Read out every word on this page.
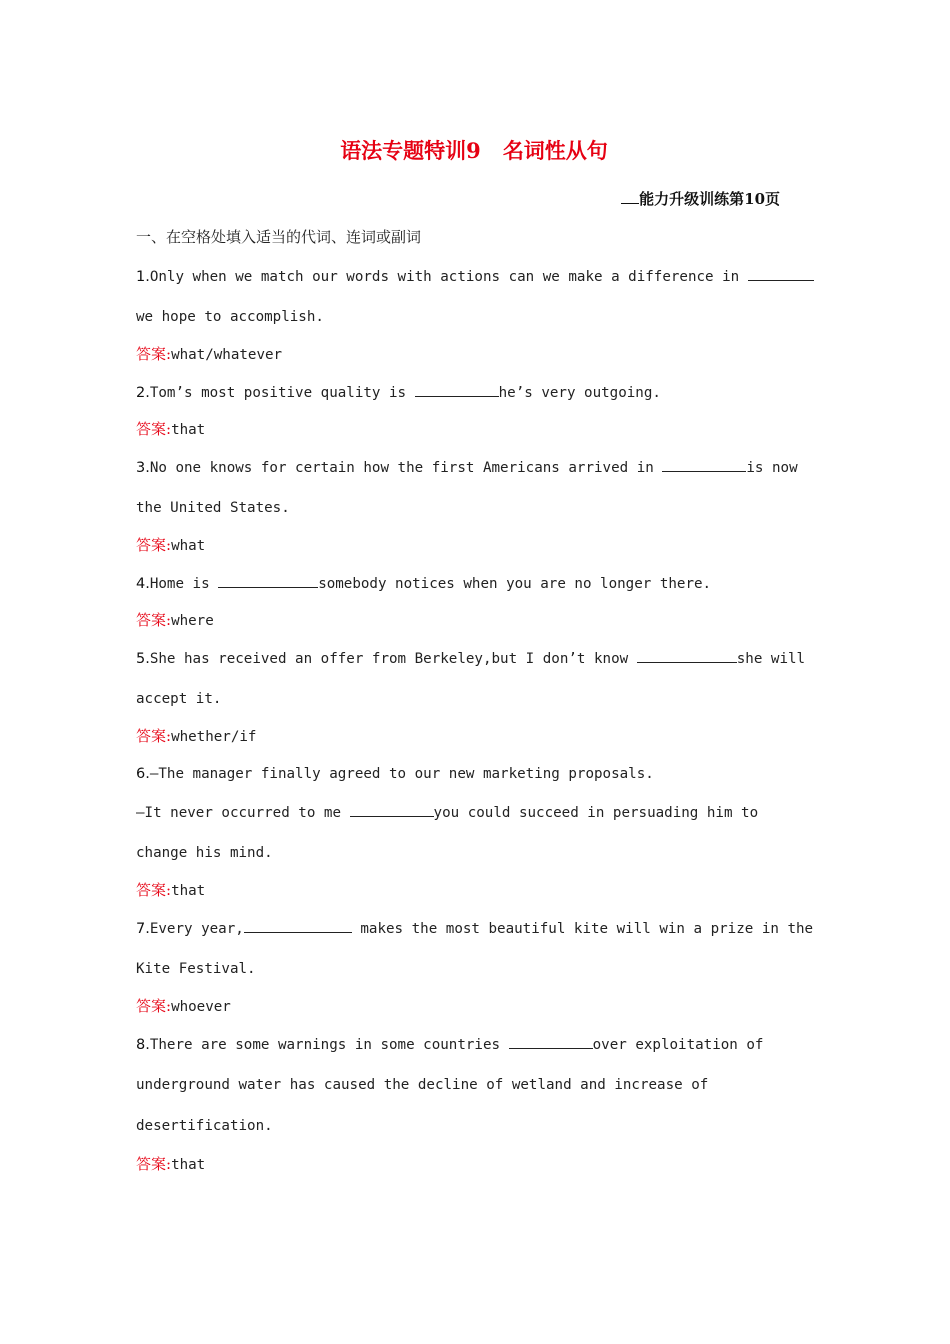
语法专题特训9 名词性从句
能力升级训练第10页
一、在空格处填入适当的代词、连词或副词
1.Only when we match our words with actions can we make a difference in
we hope to accomplish.
答案:what/whatever
2.Tom’s most positive quality is	he’s very outgoing.
答案:that
3.No one knows for certain how the first Americans arrived in	is now
the United States.
答案:what
4.Home is	somebody notices when you are no longer there.
答案:where
5.She has received an offer from Berkeley,but I don’t know	she will
accept it.
答案:whether/if
6.—The manager finally agreed to our new marketing proposals.
—It never occurred to me	you could succeed in persuading him to
change his mind.
答案:that
7.Every year,	makes the most beautiful kite will win a prize in the
Kite Festival.
答案:whoever
8.There are some warnings in some countries	over exploitation of
underground water has caused the decline of wetland and increase of
desertification.
答案:that
